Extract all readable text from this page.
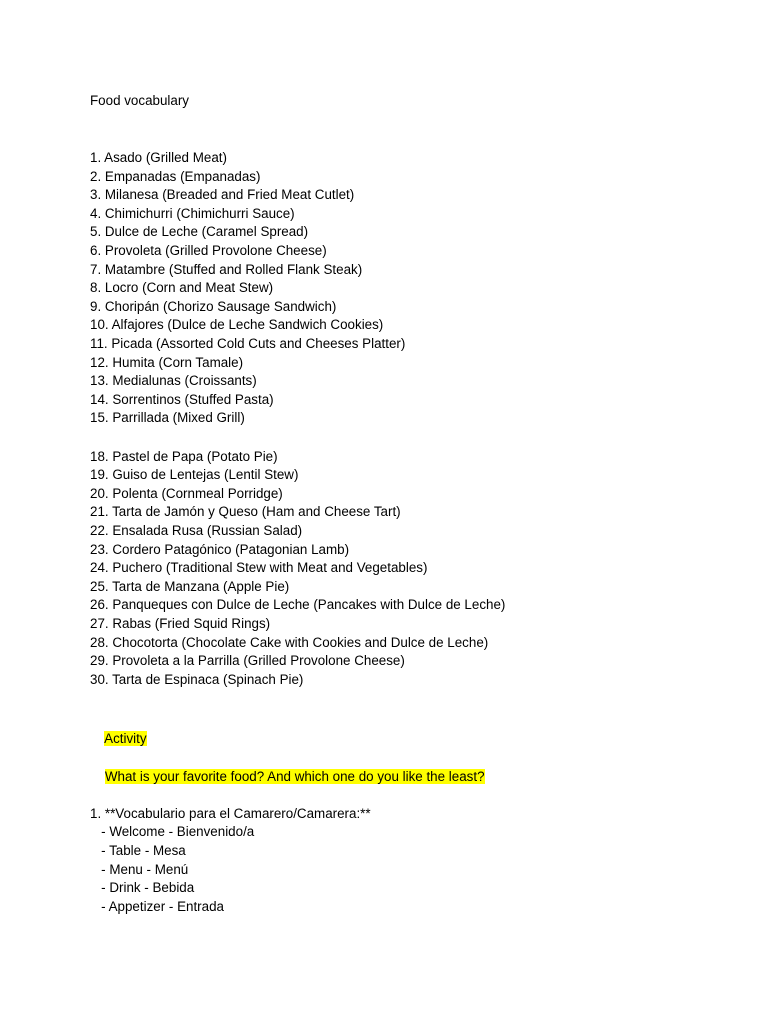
Food vocabulary
1. Asado (Grilled Meat)
2. Empanadas (Empanadas)
3. Milanesa (Breaded and Fried Meat Cutlet)
4. Chimichurri (Chimichurri Sauce)
5. Dulce de Leche (Caramel Spread)
6. Provoleta (Grilled Provolone Cheese)
7. Matambre (Stuffed and Rolled Flank Steak)
8. Locro (Corn and Meat Stew)
9. Choripán (Chorizo Sausage Sandwich)
10. Alfajores (Dulce de Leche Sandwich Cookies)
11. Picada (Assorted Cold Cuts and Cheeses Platter)
12. Humita (Corn Tamale)
13. Medialunas (Croissants)
14. Sorrentinos (Stuffed Pasta)
15. Parrillada (Mixed Grill)
18. Pastel de Papa (Potato Pie)
19. Guiso de Lentejas (Lentil Stew)
20. Polenta (Cornmeal Porridge)
21. Tarta de Jamón y Queso (Ham and Cheese Tart)
22. Ensalada Rusa (Russian Salad)
23. Cordero Patagónico (Patagonian Lamb)
24. Puchero (Traditional Stew with Meat and Vegetables)
25. Tarta de Manzana (Apple Pie)
26. Panqueques con Dulce de Leche (Pancakes with Dulce de Leche)
27. Rabas (Fried Squid Rings)
28. Chocotorta (Chocolate Cake with Cookies and Dulce de Leche)
29. Provoleta a la Parrilla (Grilled Provolone Cheese)
30. Tarta de Espinaca (Spinach Pie)

Activity

What is your favorite food? And which one do you like the least?

1. **Vocabulario para el Camarero/Camarera:**
- Welcome - Bienvenido/a
- Table - Mesa
- Menu - Menú
- Drink - Bebida
- Appetizer - Entrada
